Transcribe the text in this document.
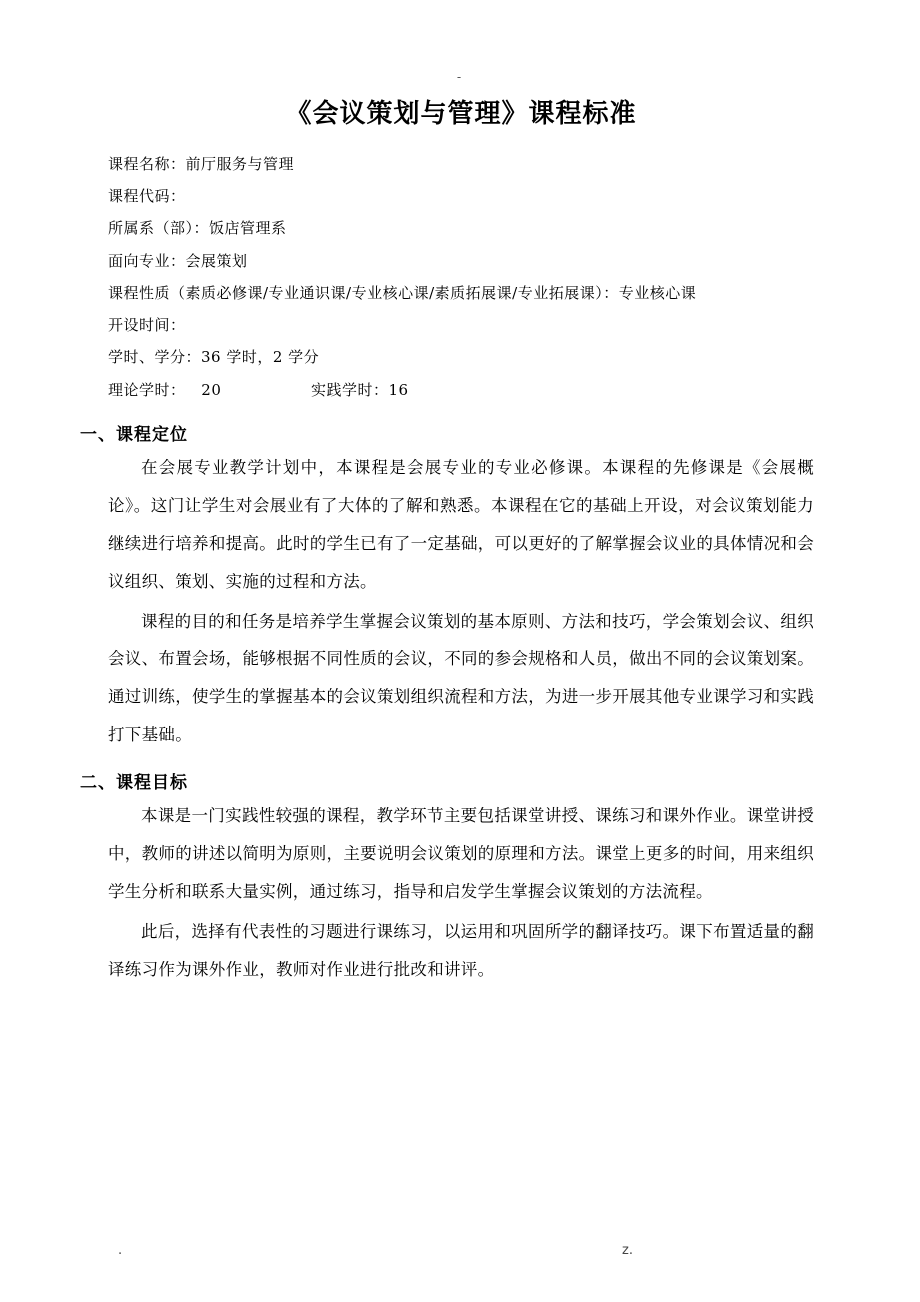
-
《会议策划与管理》课程标准
课程名称：前厅服务与管理
课程代码：
所属系（部）：饭店管理系
面向专业：会展策划
课程性质（素质必修课/专业通识课/专业核心课/素质拓展课/专业拓展课）：专业核心课
开设时间：
学时、学分：36 学时，2 学分
理论学时：   20                 实践学时：16
一、课程定位

在会展专业教学计划中，本课程是会展专业的专业必修课。本课程的先修课是《会展概论》。这门让学生对会展业有了大体的了解和熟悉。本课程在它的基础上开设，对会议策划能力继续进行培养和提高。此时的学生已有了一定基础，可以更好的了解掌握会议业的具体情况和会议组织、策划、实施的过程和方法。

课程的目的和任务是培养学生掌握会议策划的基本原则、方法和技巧，学会策划会议、组织会议、布置会场，能够根据不同性质的会议，不同的参会规格和人员，做出不同的会议策划案。通过训练，使学生的掌握基本的会议策划组织流程和方法，为进一步开展其他专业课学习和实践打下基础。

二、课程目标

本课是一门实践性较强的课程，教学环节主要包括课堂讲授、课练习和课外作业。课堂讲授中，教师的讲述以简明为原则，主要说明会议策划的原理和方法。课堂上更多的时间，用来组织学生分析和联系大量实例，通过练习，指导和启发学生掌握会议策划的方法流程。

此后，选择有代表性的习题进行课练习，以运用和巩固所学的翻译技巧。课下布置适量的翻译练习作为课外作业，教师对作业进行批改和讲评。

.	z.
